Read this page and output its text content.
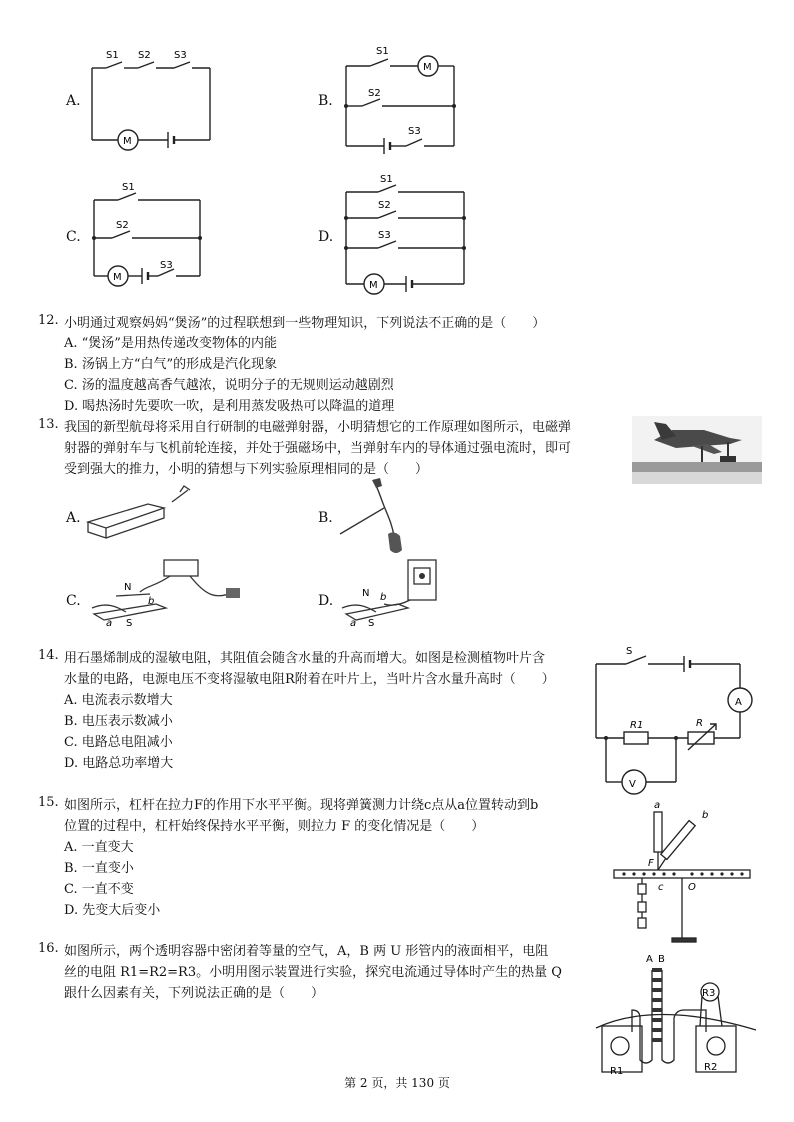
A.	B.
C.	D.
M
S1 S2 S3
M
S1
S2
S3
M
S1
S2
S3
M
S1
S2
S3
12. 小明通过观察妈妈“煲汤”的过程联想到一些物理知识，下列说法不正确的是（　　）
A. “煲汤”是用热传递改变物体的内能
B. 汤锅上方“白气”的形成是汽化现象
C. 汤的温度越高香气越浓，说明分子的无规则运动越剧烈
D. 喝热汤时先要吹一吹，是利用蒸发吸热可以降温的道理
13. 我国的新型航母将采用自行研制的电磁弹射器，小明猜想它的工作原理如图所示，电磁弹
射器的弹射车与飞机前轮连接，并处于强磁场中，当弹射车内的导体通过强电流时，即可
受到强大的推力，小明的猜想与下列实验原理相同的是（　　）
A.	B.
C.	D.
N
b
a S
N b
a S
14. 用石墨烯制成的湿敏电阻，其阻值会随含水量的升高而增大。如图是检测植物叶片含
水量的电路，电源电压不变将湿敏电阻R附着在叶片上，当叶片含水量升高时（　　）
A. 电流表示数增大
B. 电压表示数减小
C. 电路总电阻减小
D. 电路总功率增大
S
A
V
R1	R
15. 如图所示，杠杆在拉力F的作用下水平平衡。现将弹簧测力计绕c点从a位置转动到b
位置的过程中，杠杆始终保持水平平衡，则拉力 F 的变化情况是（　　）
A. 一直变大
B. 一直变小
C. 一直不变
D. 先变大后变小
a
b
F
c O
16. 如图所示，两个透明容器中密闭着等量的空气，A，B 两 U 形管内的液面相平，电阻
丝的电阻 R1=R2=R3。小明用图示装置进行实验，探究电流通过导体时产生的热量 Q
跟什么因素有关，下列说法正确的是（　　）
A B
R1	R2
R3
第 2 页，共 130 页
